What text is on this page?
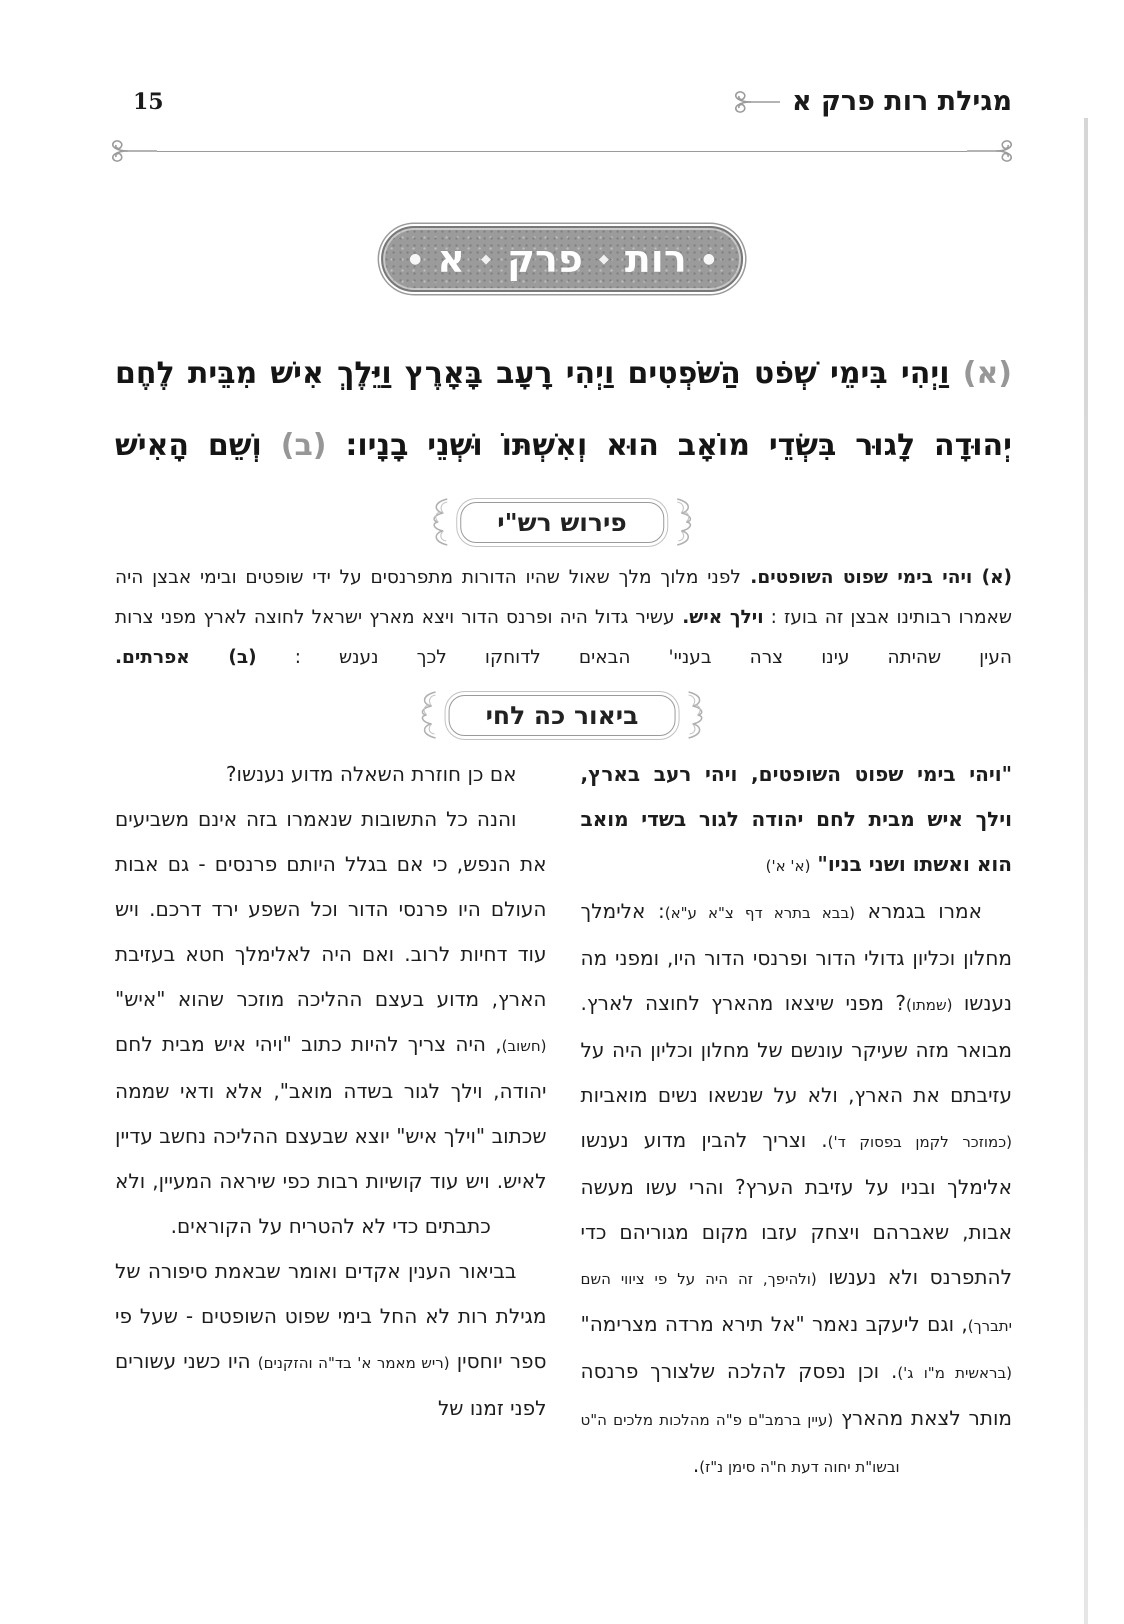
15	מגילת רות פרק א
●
רות
◆
פרק
◆
א
●
(א) וַיְהִי בִּימֵי שְׁפֹט הַשֹּׁפְטִים וַיְהִי רָעָב בָּאָרֶץ וַיֵּלֶךְ אִישׁ מִבֵּית לֶחֶם יְהוּדָה לָגוּר בִּשְׂדֵי מוֹאָב הוּא וְאִשְׁתּוֹ וּשְׁנֵי בָנָיו: (ב) וְשֵׁם הָאִישׁ
פירוש רש"י
(א) ויהי בימי שפוט השופטים. לפני מלוך מלך שאול שהיו הדורות מתפרנסים על ידי שופטים ובימי אבצן היה שאמרו רבותינו אבצן זה בועז : וילך איש. עשיר גדול היה ופרנס הדור ויצא מארץ ישראל לחוצה לארץ מפני צרות העין שהיתה עינו צרה בעניי' הבאים לדוחקו לכך נענש : (ב) אפרתים.
ביאור כה לחי

"ויהי בימי שפוט השופטים, ויהי רעב בארץ, וילך איש מבית לחם יהודה לגור בשדי מואב הוא ואשתו ושני בניו" (א' א')

אמרו בגמרא (בבא בתרא דף צ"א ע"א): אלימלך מחלון וכליון גדולי הדור ופרנסי הדור היו, ומפני מה נענשו (שמתו)? מפני שיצאו מהארץ לחוצה לארץ. מבואר מזה שעיקר עונשם של מחלון וכליון היה על עזיבתם את הארץ, ולא על שנשאו נשים מואביות (כמוזכר לקמן בפסוק ד'). וצריך להבין מדוע נענשו אלימלך ובניו על עזיבת הערץ? והרי עשו מעשה אבות, שאברהם ויצחק עזבו מקום מגוריהם כדי להתפרנס ולא נענשו (ולהיפך, זה היה על פי ציווי השם יתברך), וגם ליעקב נאמר "אל תירא מרדה מצרימה" (בראשית מ"ו ג'). וכן נפסק להלכה שלצורך פרנסה מותר לצאת מהארץ (עיין ברמב"ם פ"ה מהלכות מלכים ה"ט ובשו"ת יחוה דעת ח"ה סימן נ"ז).

אם כן חוזרת השאלה מדוע נענשו?

והנה כל התשובות שנאמרו בזה אינם משביעים את הנפש, כי אם בגלל היותם פרנסים - גם אבות העולם היו פרנסי הדור וכל השפע ירד דרכם. ויש עוד דחיות לרוב. ואם היה לאלימלך חטא בעזיבת הארץ, מדוע בעצם ההליכה מוזכר שהוא "איש" (חשוב), היה צריך להיות כתוב "ויהי איש מבית לחם יהודה, וילך לגור בשדה מואב", אלא ודאי שממה שכתוב "וילך איש" יוצא שבעצם ההליכה נחשב עדיין לאיש. ויש עוד קושיות רבות כפי שיראה המעיין, ולא כתבתים כדי לא להטריח על הקוראים.

בביאור הענין אקדים ואומר שבאמת סיפורה של מגילת רות לא החל בימי שפוט השופטים - שעל פי ספר יוחסין (ריש מאמר א' בד"ה והזקנים) היו כשני עשורים לפני זמנו של
